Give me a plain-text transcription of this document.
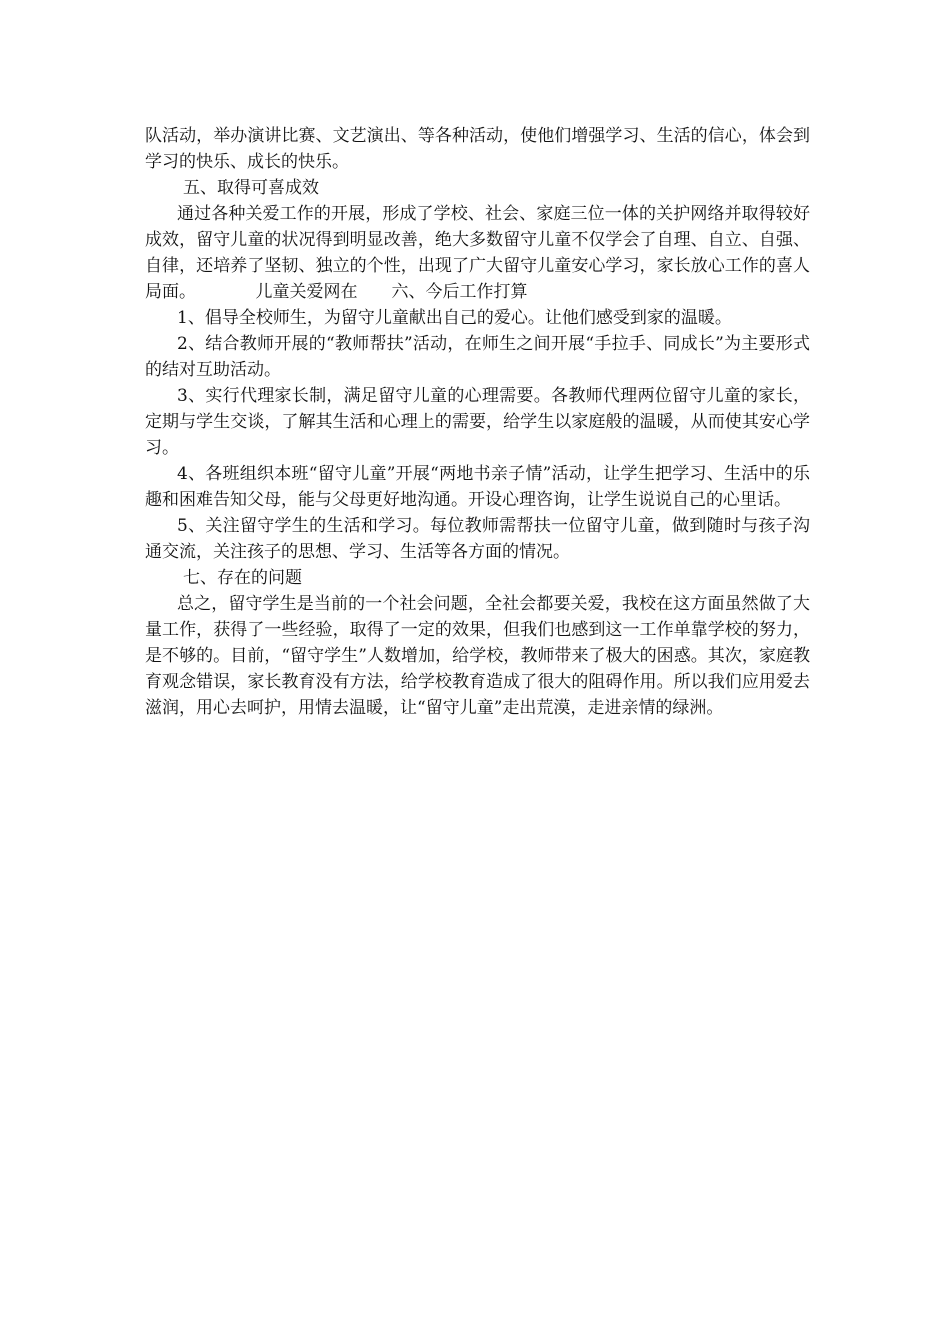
队活动，举办演讲比赛、文艺演出、等各种活动，使他们增强学习、生活的信心，体会到学习的快乐、成长的快乐。

五、取得可喜成效

通过各种关爱工作的开展，形成了学校、社会、家庭三位一体的关护网络并取得较好成效，留守儿童的状况得到明显改善，绝大多数留守儿童不仅学会了自理、自立、自强、自律，还培养了坚韧、独立的个性，出现了广大留守儿童安心学习，家长放心工作的喜人局面。　　　　儿童关爱网在　　六、今后工作打算

1、倡导全校师生，为留守儿童献出自己的爱心。让他们感受到家的温暖。

2、结合教师开展的“教师帮扶”活动，在师生之间开展“手拉手、同成长”为主要形式的结对互助活动。

3、实行代理家长制，满足留守儿童的心理需要。各教师代理两位留守儿童的家长，定期与学生交谈，了解其生活和心理上的需要，给学生以家庭般的温暖，从而使其安心学习。

4、各班组织本班“留守儿童”开展“两地书亲子情”活动，让学生把学习、生活中的乐趣和困难告知父母，能与父母更好地沟通。开设心理咨询，让学生说说自己的心里话。

5、关注留守学生的生活和学习。每位教师需帮扶一位留守儿童，做到随时与孩子沟通交流，关注孩子的思想、学习、生活等各方面的情况。

七、存在的问题

总之，留守学生是当前的一个社会问题，全社会都要关爱，我校在这方面虽然做了大量工作，获得了一些经验，取得了一定的效果，但我们也感到这一工作单靠学校的努力，是不够的。目前，“留守学生”人数增加，给学校，教师带来了极大的困惑。其次，家庭教育观念错误，家长教育没有方法，给学校教育造成了很大的阻碍作用。所以我们应用爱去滋润，用心去呵护，用情去温暖，让“留守儿童”走出荒漠，走进亲情的绿洲。
